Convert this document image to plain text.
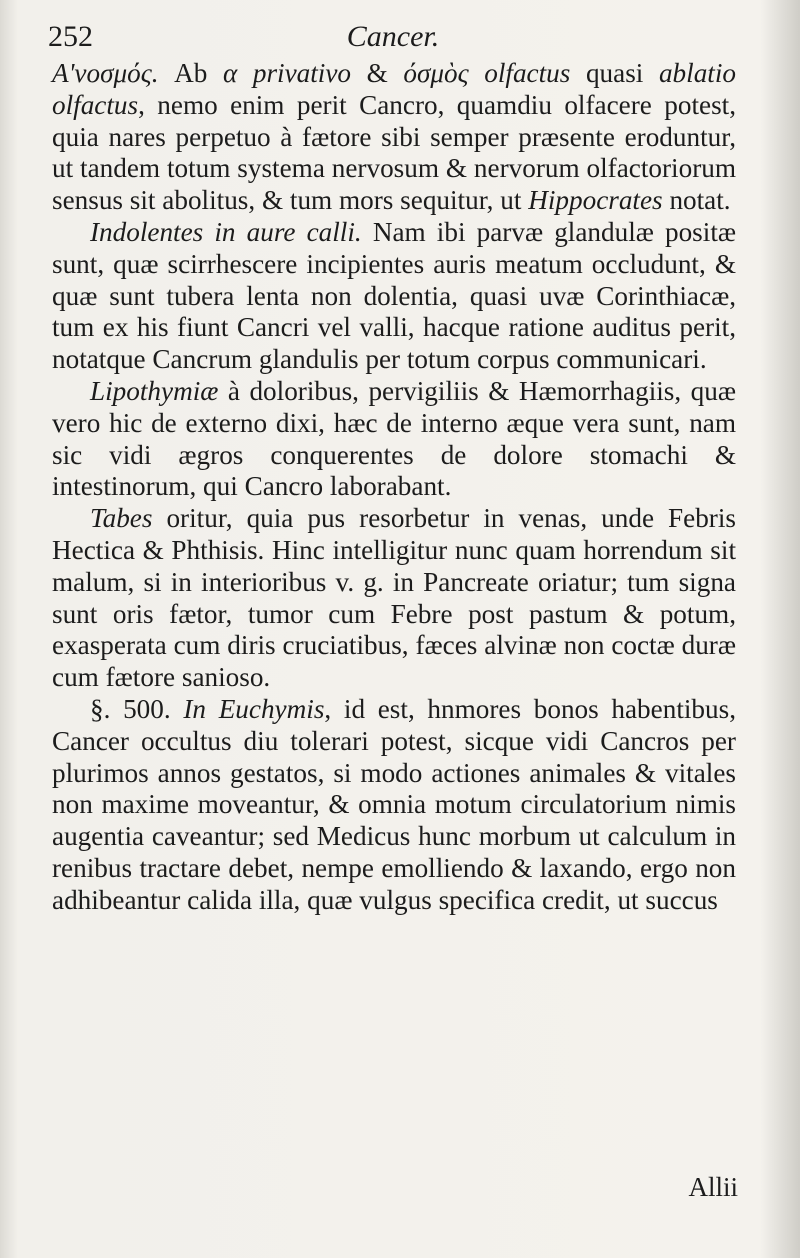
252	Cancer.

A'νοσμός. Ab α privativo & όσμὸς olfactus quasi ablatio olfactus, nemo enim perit Cancro, quamdiu olfacere potest, quia nares perpetuo à fætore sibi semper præsente eroduntur, ut tandem totum systema nervosum & nervorum olfactoriorum sensus sit abolitus, & tum mors sequitur, ut Hippocrates notat.

Indolentes in aure calli. Nam ibi parvæ glandulæ positæ sunt, quæ scirrhescere incipientes auris meatum occludunt, & quæ sunt tubera lenta non dolentia, quasi uvæ Corinthiacæ, tum ex his fiunt Cancri vel valli, hacque ratione auditus perit, notatque Cancrum glandulis per totum corpus communicari.

Lipothymiæ à doloribus, pervigiliis & Hæmorrhagiis, quæ vero hic de externo dixi, hæc de interno æque vera sunt, nam sic vidi ægros conquerentes de dolore stomachi & intestinorum, qui Cancro laborabant.

Tabes oritur, quia pus resorbetur in venas, unde Febris Hectica & Phthisis. Hinc intelligitur nunc quam horrendum sit malum, si in interioribus v. g. in Pancreate oriatur; tum signa sunt oris fætor, tumor cum Febre post pastum & potum, exasperata cum diris cruciatibus, fæces alvinæ non coctæ duræ cum fætore sanioso.

§. 500. In Euchymis, id est, hnmores bonos habentibus, Cancer occultus diu tolerari potest, sicque vidi Cancros per plurimos annos gestatos, si modo actiones animales & vitales non maxime moveantur, & omnia motum circulatorium nimis augentia caveantur; sed Medicus hunc morbum ut calculum in renibus tractare debet, nempe emolliendo & laxando, ergo non adhibeantur calida illa, quæ vulgus specifica credit, ut succus

Allii
